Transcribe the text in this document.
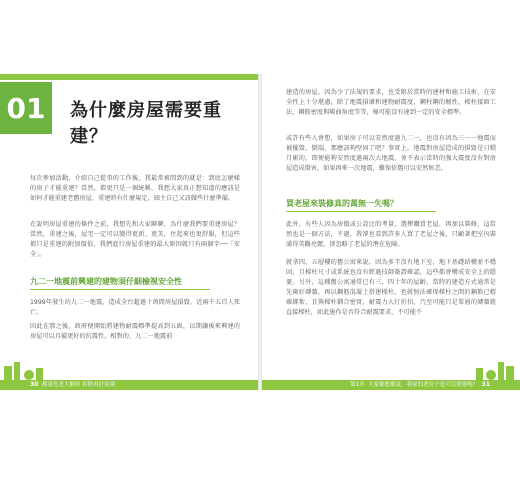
01	為什麼房屋需要重建？
每次參加活動，介紹自己從事的工作後，我最常被問到的就是：到底怎麼樣的房子才能重建？當然，都更只是一個統稱，我想大家真正想知道的應該是如何才能重建老舊房屋，重建時有什麼規定，屆主自己又該做些什麼準備。
在說明房屋重建的條件之前，我想先和大家聊聊，為什麼我們要重建房屋？當然，重建之後，屋宅一定可以變得更新、更美，住起來也更舒服，但這些都只是重建的附加價值，我們進行房屋重建的最大原因就只有兩個字──「安全」。
九二一地震前興建的建物須仔細檢視安全性
1999年發生的九二一地震，造成全台超過十萬間房屋損毀，近兩千五百人死亡。
因此在那之後，政府便開始將建物耐震標準提高到五級，以期讓後來興建的房屋可以具備更好的抗震性。相對的，九二一地震前
30 都更危老大解密 拆除再好家園
建造的房屋，因為少了法規的要求，也受限於當時的建材和施工技術，在安全性上十分堪慮，除了地震損壞和建物耐震度，鋼柱鋼的韌性，樑柱接頭工法，鋼筋密度與彎曲角度等等，極可能沒有達到一定的安全標準。
或許有些人會想，如果房子可以安然度過九二一，也沒有因為三一一地震而被摧毀，倒塌，那應該夠堅固了吧？事實上，地震對房屋造成的損毀是日積月累的，即便能夠安然度過兩次大地震，並不表示當時的強大震度沒有對房屋造成傷害，如果再來一次地震，難保依舊可以安然無恙。
買老屋來裝修真的萬無一失嗎？
此外，有些人因為房價或公設比的考量，選擇購買老屋，再加以裝修，這當然也是一個方法，不過，我卻也看到許多人買了老屋之後，只顧著把室內裝潢得美觀亮麗，卻忽略了老屋的潛在危險。
就拿四，五層樓的舊公寓來說，因為多半沒有地下室，地下基礎結構並不穩固，且樑柱尺寸或系統也沒有經過技師簽證確認，這些都會構成安全上的隱憂。另外，這種舊公寓通常已有三，四十年的屋齡，當時的建造方式通常是先砌好磚牆，再以鋼筋混凝土搭建樑柱，也就無法確保樑柱之間的鋼筋已精確綁紮，且與樑柱耦合密實，耐震力大打折扣，乃至可能只是單層的磚牆就直接樑柱，如此施作是否符合耐震要求，不可能不
第1章 大家都想都更，我家的老房子也可以重建嗎？ 31
